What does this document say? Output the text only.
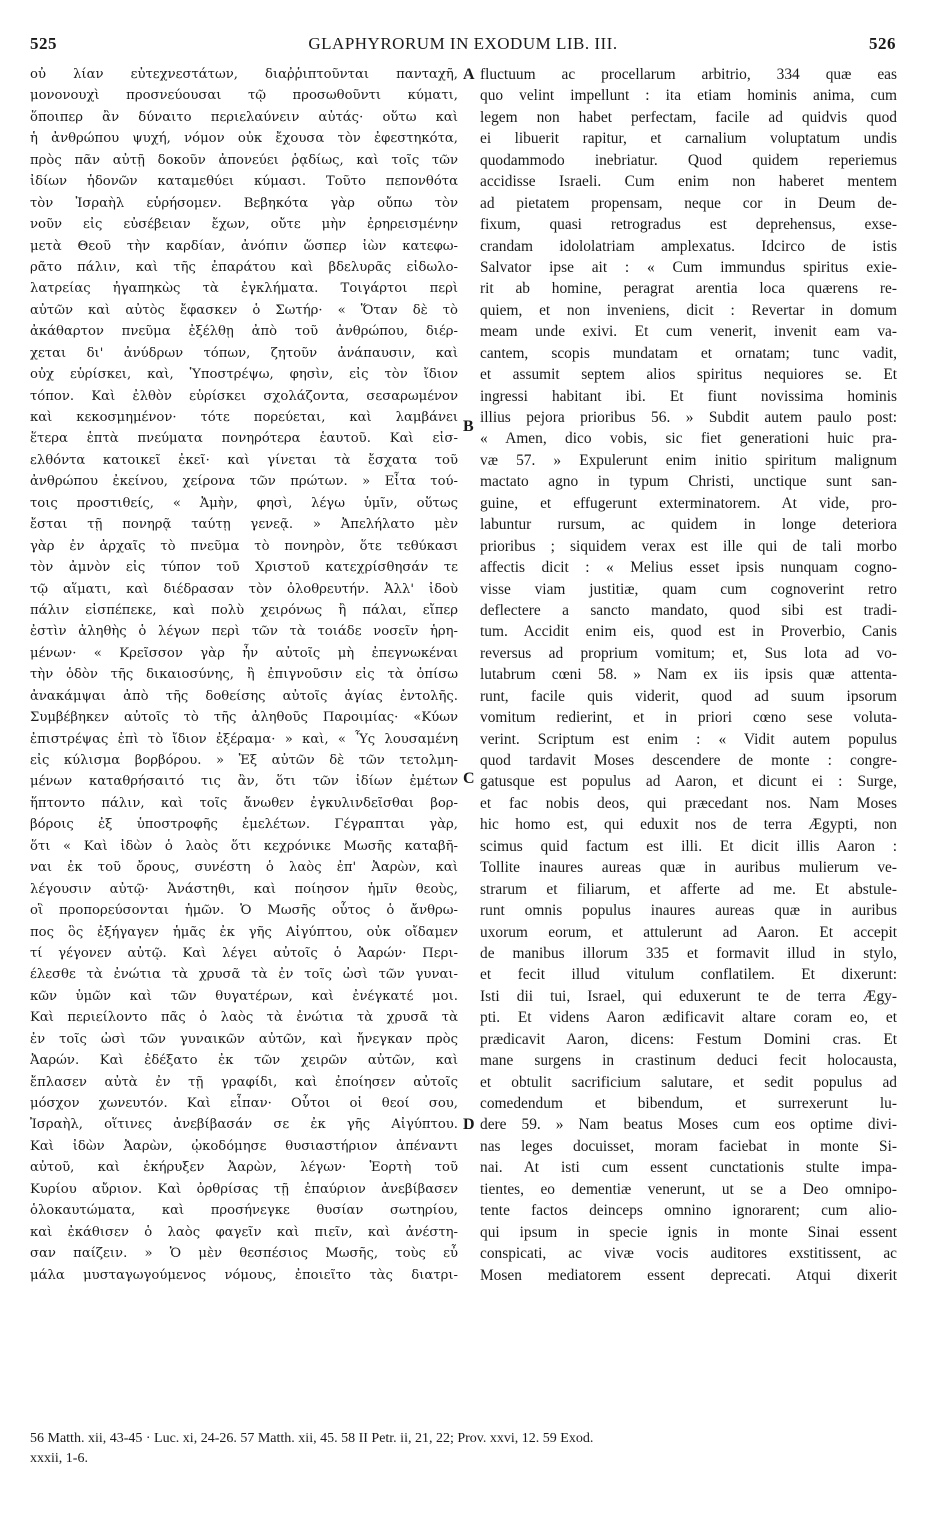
525	GLAPHYRORUM IN EXODUM LIB. III.	526
οὐ λίαν εὐτεχνεστάτων, διαῤῥιπτοῦνται πανταχῆ,
μονονουχὶ προσνεύουσαι τῷ προσωθοῦντι κύματι,
ὅποιπερ ἂν δύναιτο περιελαύνειν αὐτάς· οὕτω καὶ
ἡ ἀνθρώπου ψυχή, νόμον οὐκ ἔχουσα τὸν ἐφεστηκότα,
πρὸς πᾶν αὐτῇ δοκοῦν ἀπονεύει ῥᾳδίως, καὶ τοῖς τῶν
ἰδίων ἡδονῶν καταμεθύει κύμασι. Τοῦτο πεπονθότα
τὸν Ἰσραὴλ εὑρήσομεν. Βεβηκότα γὰρ οὔπω τὸν
νοῦν εἰς εὐσέβειαν ἔχων, οὔτε μὴν ἐρηρεισμένην
μετὰ Θεοῦ τὴν καρδίαν, ἀνόπιν ὥσπερ ἰὼν κατεφω-
ρᾶτο πάλιν, καὶ τῆς ἐπαράτου καὶ βδελυρᾶς εἰδωλο-
λατρείας ἠγαπηκὼς τὰ ἐγκλήματα. Τοιγάρτοι περὶ
αὐτῶν καὶ αὐτὸς ἔφασκεν ὁ Σωτήρ· « Ὅταν δὲ τὸ
ἀκάθαρτον πνεῦμα ἐξέλθῃ ἀπὸ τοῦ ἀνθρώπου, διέρ-
χεται δι' ἀνύδρων τόπων, ζητοῦν ἀνάπαυσιν, καὶ
οὐχ εὑρίσκει, καὶ, Ὑποστρέψω, φησὶν, εἰς τὸν ἴδιον
τόπον. Καὶ ἐλθὸν εὑρίσκει σχολάζοντα, σεσαρωμένον
καὶ κεκοσμημένον· τότε πορεύεται, καὶ λαμβάνει
ἕτερα ἑπτὰ πνεύματα πονηρότερα ἑαυτοῦ. Καὶ εἰσ-
ελθόντα κατοικεῖ ἐκεῖ· καὶ γίνεται τὰ ἔσχατα τοῦ
ἀνθρώπου ἐκείνου, χείρονα τῶν πρώτων. » Εἶτα τού-
τοις προστιθείς, « Ἀμὴν, φησὶ, λέγω ὑμῖν, οὕτως
ἔσται τῇ πονηρᾷ ταύτῃ γενεᾷ. » Ἀπελήλατο μὲν
γὰρ ἐν ἀρχαῖς τὸ πνεῦμα τὸ πονηρὸν, ὅτε τεθύκασι
τὸν ἀμνὸν εἰς τύπον τοῦ Χριστοῦ κατεχρίσθησάν τε
τῷ αἵματι, καὶ διέδρασαν τὸν ὀλοθρευτήν. Ἀλλ' ἰδοὺ
πάλιν εἰσπέπεκε, καὶ πολὺ χειρόνως ἢ πάλαι, εἴπερ
ἐστὶν ἀληθὴς ὁ λέγων περὶ τῶν τὰ τοιάδε νοσεῖν ἡρη-
μένων· « Κρεῖσσον γὰρ ἦν αὐτοῖς μὴ ἐπεγνωκέναι
τὴν ὁδὸν τῆς δικαιοσύνης, ἢ ἐπιγνοῦσιν εἰς τὰ ὀπίσω
ἀνακάμψαι ἀπὸ τῆς δοθείσης αὐτοῖς ἁγίας ἐντολῆς.
Συμβέβηκεν αὐτοῖς τὸ τῆς ἀληθοῦς Παροιμίας· «Κύων
ἐπιστρέψας ἐπὶ τὸ ἴδιον ἐξέραμα· » καὶ, « Ὗς λουσαμένη
εἰς κύλισμα βορβόρου. » Ἐξ αὐτῶν δὲ τῶν τετολμη-
μένων καταθρήσαιτό τις ἂν, ὅτι τῶν ἰδίων ἐμέτων
ἥπτοντο πάλιν, καὶ τοῖς ἄνωθεν ἐγκυλινδεῖσθαι βορ-
βόροις ἐξ ὑποστροφῆς ἐμελέτων. Γέγραπται γὰρ,
ὅτι « Καὶ ἰδὼν ὁ λαὸς ὅτι κεχρόνικε Μωσῆς καταβῆ-
ναι ἐκ τοῦ ὄρους, συνέστη ὁ λαὸς ἐπ' Ἀαρὼν, καὶ
λέγουσιν αὐτῷ· Ἀνάστηθι, καὶ ποίησον ἡμῖν θεοὺς,
οἳ προπορεύσονται ἡμῶν. Ὁ Μωσῆς οὗτος ὁ ἄνθρω-
πος ὃς ἐξήγαγεν ἡμᾶς ἐκ γῆς Αἰγύπτου, οὐκ οἴδαμεν
τί γέγονεν αὐτῷ. Καὶ λέγει αὐτοῖς ὁ Ἀαρών· Περι-
έλεσθε τὰ ἐνώτια τὰ χρυσᾶ τὰ ἐν τοῖς ὠσὶ τῶν γυναι-
κῶν ὑμῶν καὶ τῶν θυγατέρων, καὶ ἐνέγκατέ μοι.
Καὶ περιείλοντο πᾶς ὁ λαὸς τὰ ἐνώτια τὰ χρυσᾶ τὰ
ἐν τοῖς ὠσὶ τῶν γυναικῶν αὐτῶν, καὶ ἤνεγκαν πρὸς
Ἀαρών. Καὶ ἐδέξατο ἐκ τῶν χειρῶν αὐτῶν, καὶ
ἔπλασεν αὐτὰ ἐν τῇ γραφίδι, καὶ ἐποίησεν αὐτοῖς
μόσχον χωνευτόν. Καὶ εἶπαν· Οὗτοι οἱ θεοί σου,
Ἰσραὴλ, οἵτινες ἀνεβίβασάν σε ἐκ γῆς Αἰγύπτου.
Καὶ ἰδὼν Ἀαρὼν, ᾠκοδόμησε θυσιαστήριον ἀπέναντι
αὐτοῦ, καὶ ἐκήρυξεν Ἀαρὼν, λέγων· Ἑορτὴ τοῦ
Κυρίου αὔριον. Καὶ ὀρθρίσας τῇ ἐπαύριον ἀνεβίβασεν
ὁλοκαυτώματα, καὶ προσήνεγκε θυσίαν σωτηρίου,
καὶ ἐκάθισεν ὁ λαὸς φαγεῖν καὶ πιεῖν, καὶ ἀνέστη-
σαν παίζειν. » Ὁ μὲν θεσπέσιος Μωσῆς, τοὺς εὖ
μάλα μυσταγωγούμενος νόμους, ἐποιεῖτο τὰς διατρι-
fluctuum ac procellarum arbitrio, 334 quæ eas
quo velint impellunt : ita etiam hominis anima, cum
legem non habet perfectam, facile ad quidvis quod
ei libuerit rapitur, et carnalium voluptatum undis
quodammodo inebriatur. Quod quidem reperiemus
accidisse Israeli. Cum enim non haberet mentem
ad pietatem propensam, neque cor in Deum de-
fixum, quasi retrogradus est deprehensus, exse-
crandam idololatriam amplexatus. Idcirco de istis
Salvator ipse ait : « Cum immundus spiritus exie-
rit ab homine, peragrat arentia loca quærens re-
quiem, et non inveniens, dicit : Revertar in domum
meam unde exivi. Et cum venerit, invenit eam va-
cantem, scopis mundatam et ornatam; tunc vadit,
et assumit septem alios spiritus nequiores se. Et
ingressi habitant ibi. Et fiunt novissima hominis
illius pejora prioribus 56. » Subdit autem paulo post:
« Amen, dico vobis, sic fiet generationi huic pra-
væ 57. » Expulerunt enim initio spiritum malignum
mactato agno in typum Christi, unctique sunt san-
guine, et effugerunt exterminatorem. At vide, pro-
labuntur rursum, ac quidem in longe deteriora
prioribus ; siquidem verax est ille qui de tali morbo
affectis dicit : « Melius esset ipsis nunquam cogno-
visse viam justitiæ, quam cum cognoverint retro
deflectere a sancto mandato, quod sibi est tradi-
tum. Accidit enim eis, quod est in Proverbio, Canis
reversus ad proprium vomitum; et, Sus lota ad vo-
lutabrum cœni 58. » Nam ex iis ipsis quæ attenta-
runt, facile quis viderit, quod ad suum ipsorum
vomitum redierint, et in priori cœno sese volutа-
verint. Scriptum est enim : « Vidit autem populus
quod tardavit Moses descendere de monte : congre-
gatusque est populus ad Aaron, et dicunt ei : Surge,
et fac nobis deos, qui præcedant nos. Nam Moses
hic homo est, qui eduxit nos de terra Ægypti, non
scimus quid factum est illi. Et dicit illis Aaron :
Tollite inaures aureas quæ in auribus mulierum ve-
strarum et filiarum, et afferte ad me. Et abstule-
runt omnis populus inaures aureas quæ in auribus
uxorum eorum, et attulerunt ad Aaron. Et accepit
de manibus illorum 335 et formavit illud in stylo,
et fecit illud vitulum conflatilem. Et dixerunt:
Isti dii tui, Israel, qui eduxerunt te de terra Ægy-
pti. Et videns Aaron ædificavit altare coram eo, et
prædicavit Aaron, dicens: Festum Domini cras. Et
mane surgens in crastinum deduci fecit holocausta,
et obtulit sacrificium salutare, et sedit populus ad
comedendum et bibendum, et surrexerunt lu-
dere 59. » Nam beatus Moses cum eos optime divi-
nas leges docuisset, moram faciebat in monte Si-
nai. At isti cum essent cunctationis stulte impa-
tientes, eo dementiæ venerunt, ut se a Deo omnipo-
tente factos deinceps omnino ignorarent; cum alio-
qui ipsum in specie ignis in monte Sinai essent
conspicati, ac vivæ vocis auditores exstitissent, ac
Mosen mediatorem essent deprecati. Atqui dixerit
A
B
C
D
56 Matth. xii, 43-45 · Luc. xi, 24-26. 57 Matth. xii, 45. 58 II Petr. ii, 21, 22; Prov. xxvi, 12. 59 Exod.
xxxii, 1-6.
